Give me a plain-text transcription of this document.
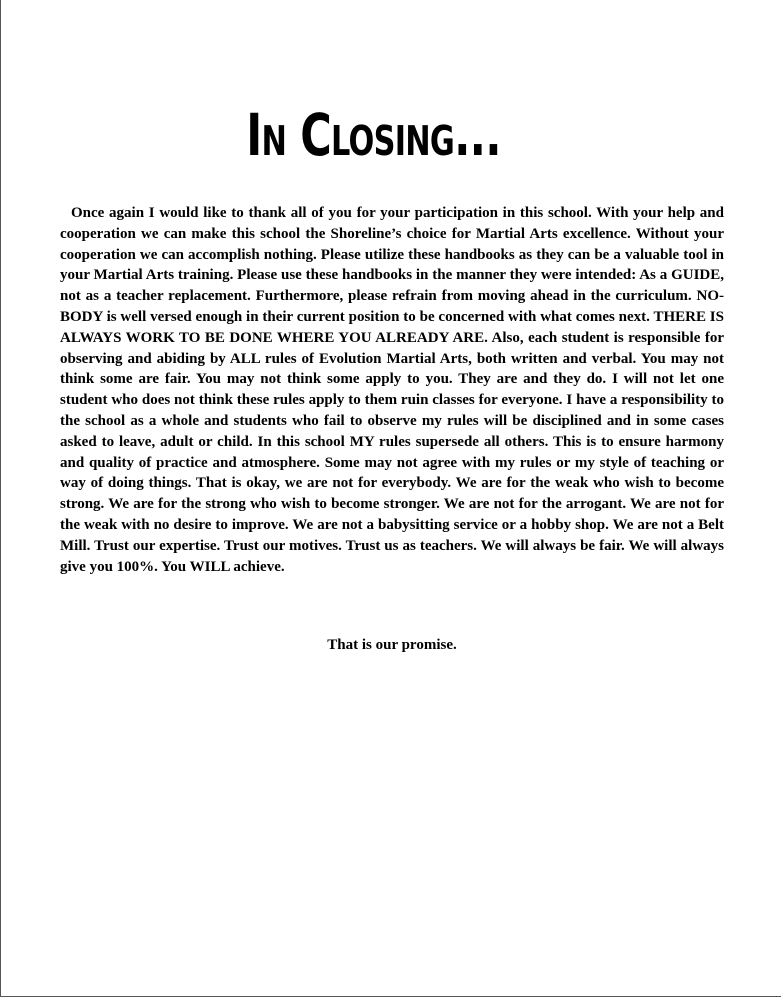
In Closing...

Once again I would like to thank all of you for your participation in this school. With your help and cooperation we can make this school the Shoreline’s choice for Martial Arts excellence. Without your cooperation we can accomplish nothing. Please utilize these handbooks as they can be a valuable tool in your Martial Arts training. Please use these handbooks in the manner they were intended: As a GUIDE, not as a teacher replacement. Furthermore, please refrain from moving ahead in the curriculum. NO-BODY is well versed enough in their current position to be concerned with what comes next. THERE IS ALWAYS WORK TO BE DONE WHERE YOU ALREADY ARE. Also, each student is responsible for observing and abiding by ALL rules of Evolution Martial Arts, both written and verbal. You may not think some are fair. You may not think some apply to you. They are and they do. I will not let one student who does not think these rules apply to them ruin classes for everyone. I have a responsibility to the school as a whole and students who fail to observe my rules will be disciplined and in some cases asked to leave, adult or child. In this school MY rules supersede all others. This is to ensure harmony and quality of practice and atmosphere. Some may not agree with my rules or my style of teaching or way of doing things. That is okay, we are not for everybody. We are for the weak who wish to become strong. We are for the strong who wish to become stronger. We are not for the arrogant. We are not for the weak with no desire to improve. We are not a babysitting service or a hobby shop. We are not a Belt Mill. Trust our expertise. Trust our motives. Trust us as teachers. We will always be fair. We will always give you 100%. You WILL achieve.

That is our promise.
